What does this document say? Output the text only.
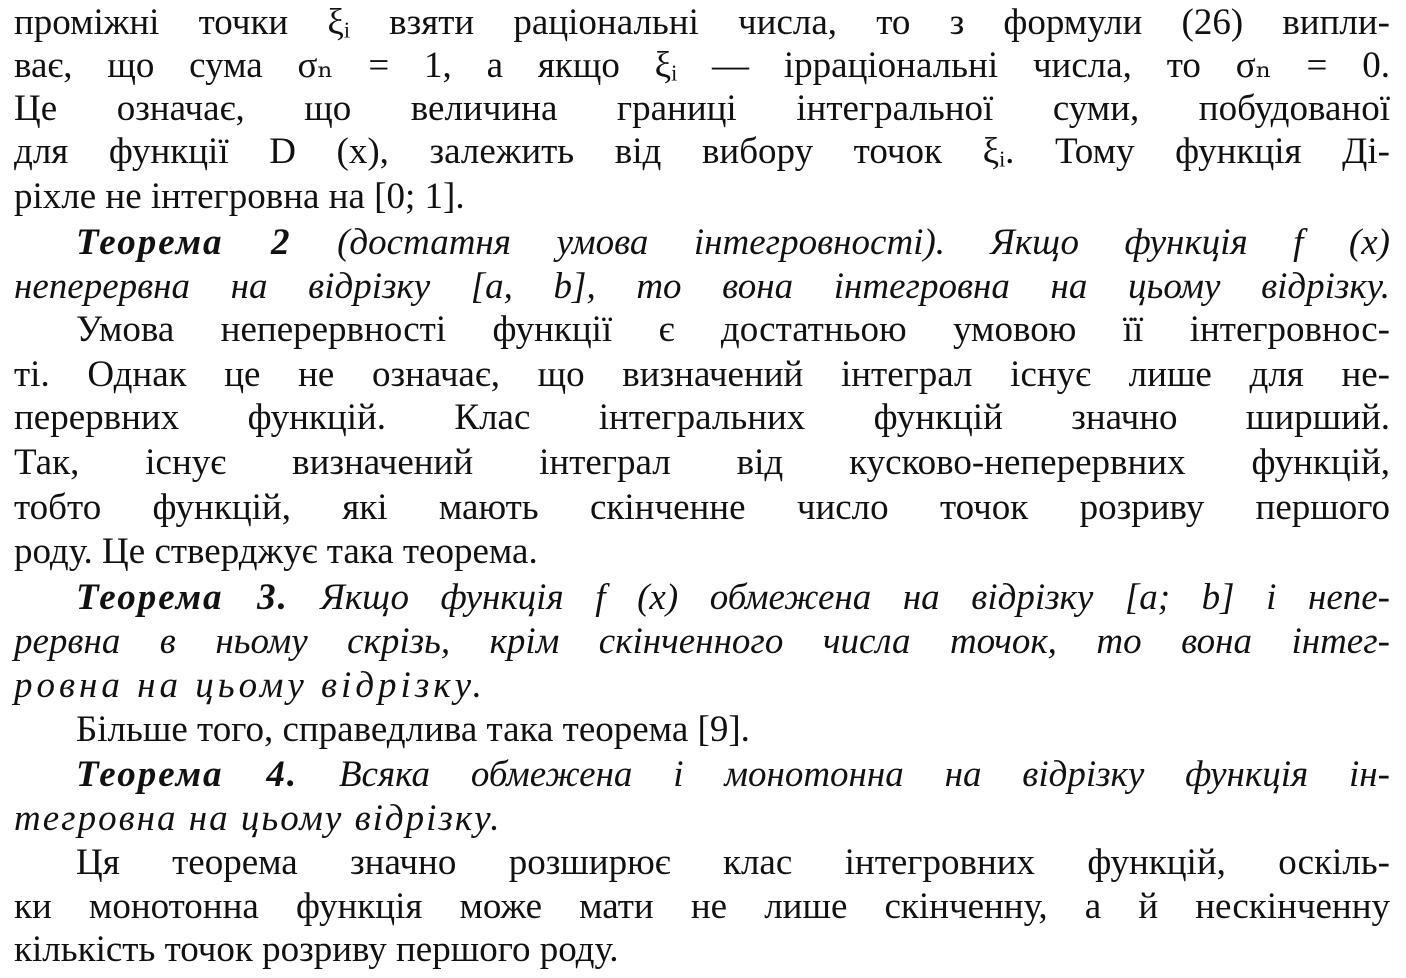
проміжні точки ξᵢ взяти раціональні числа, то з формули (26) випли-
ває, що сума σₙ = 1, а якщо ξᵢ — ірраціональні числа, то σₙ = 0.
Це означає, що величина границі інтегральної суми, побудованої
для функції D (x), залежить від вибору точок ξᵢ. Тому функція Ді-
ріхле не інтегровна на [0; 1].
Теорема 2 (достатня умова інтегровності). Якщо функція f (x)
неперервна на відрізку [a, b], то вона інтегровна на цьому відрізку.
Умова неперервності функції є достатньою умовою її інтегровнос-
ті. Однак це не означає, що визначений інтеграл існує лише для не-
перервних функцій. Клас інтегральних функцій значно ширший.
Так, існує визначений інтеграл від кусково-неперервних функцій,
тобто функцій, які мають скінченне число точок розриву першого
роду. Це стверджує така теорема.
Теорема 3. Якщо функція f (x) обмежена на відрізку [a; b] і непе-
рервна в ньому скрізь, крім скінченного числа точок, то вона інтег-
ровна на цьому відрізку.
Більше того, справедлива така теорема [9].
Теорема 4. Всяка обмежена і монотонна на відрізку функція ін-
тегровна на цьому відрізку.
Ця теорема значно розширює клас інтегровних функцій, оскіль-
ки монотонна функція може мати не лише скінченну, а й нескінченну
кількість точок розриву першого роду.
